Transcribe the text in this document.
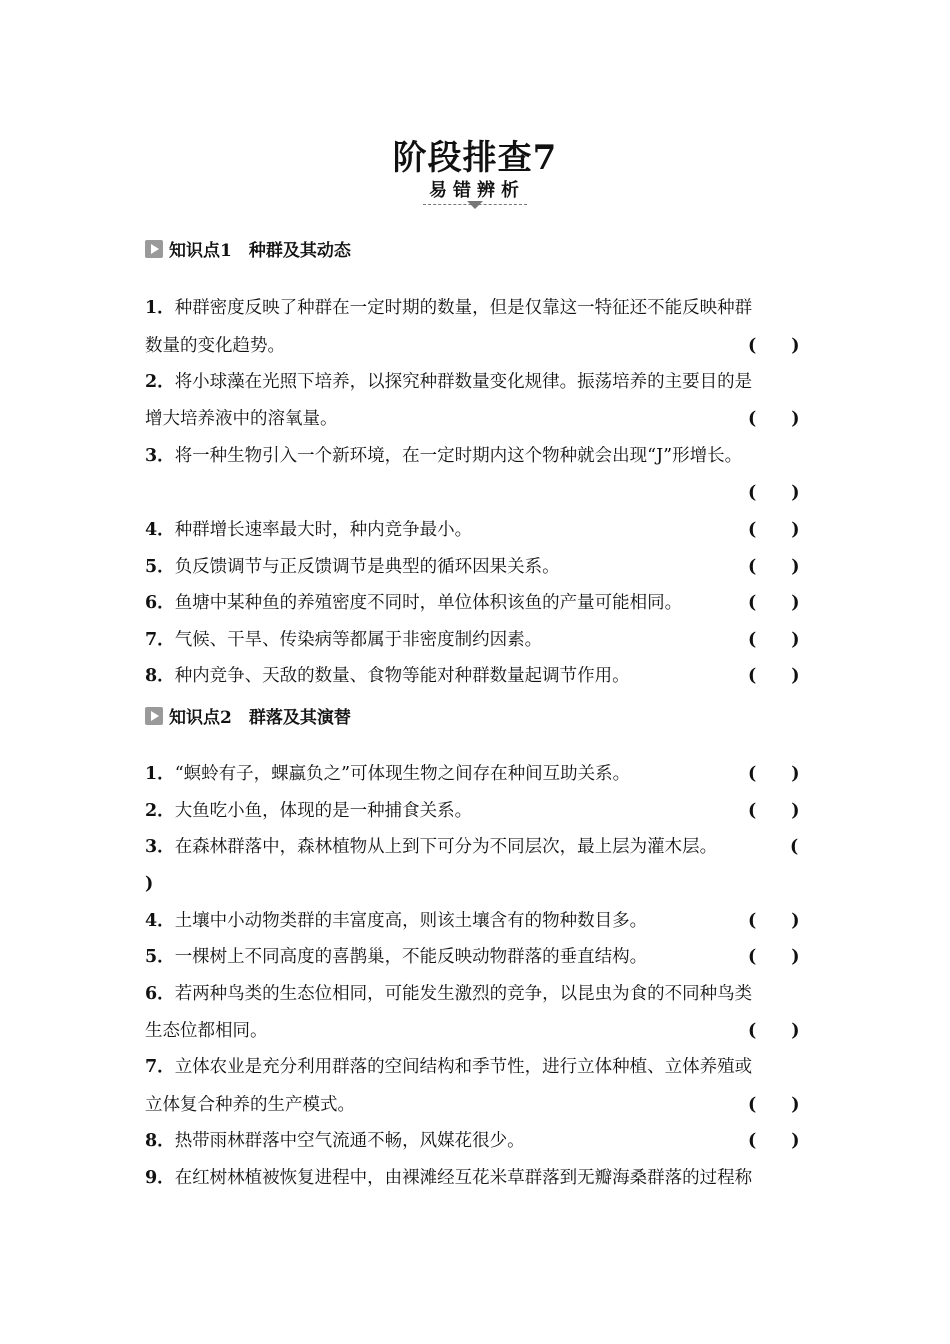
阶段排查7
易错辨析
知识点1　种群及其动态
1．种群密度反映了种群在一定时期的数量，但是仅靠这一特征还不能反映种群
数量的变化趋势。	(　　)
2．将小球藻在光照下培养，以探究种群数量变化规律。振荡培养的主要目的是
增大培养液中的溶氧量。	(　　)
3．将一种生物引入一个新环境，在一定时期内这个物种就会出现“J”形增长。
(　　)
4．种群增长速率最大时，种内竞争最小。	(　　)
5．负反馈调节与正反馈调节是典型的循环因果关系。	(　　)
6．鱼塘中某种鱼的养殖密度不同时，单位体积该鱼的产量可能相同。	(　　)
7．气候、干旱、传染病等都属于非密度制约因素。	(　　)
8．种内竞争、天敌的数量、食物等能对种群数量起调节作用。	(　　)
知识点2　群落及其演替
1．“螟蛉有子，蜾蠃负之”可体现生物之间存在种间互助关系。	(　　)
2．大鱼吃小鱼，体现的是一种捕食关系。	(　　)
3．在森林群落中，森林植物从上到下可分为不同层次，最上层为灌木层。	(
)
4．土壤中小动物类群的丰富度高，则该土壤含有的物种数目多。	(　　)
5．一棵树上不同高度的喜鹊巢，不能反映动物群落的垂直结构。	(　　)
6．若两种鸟类的生态位相同，可能发生激烈的竞争，以昆虫为食的不同种鸟类
生态位都相同。	(　　)
7．立体农业是充分利用群落的空间结构和季节性，进行立体种植、立体养殖或
立体复合种养的生产模式。	(　　)
8．热带雨林群落中空气流通不畅，风媒花很少。	(　　)
9．在红树林植被恢复进程中，由裸滩经互花米草群落到无瓣海桑群落的过程称
